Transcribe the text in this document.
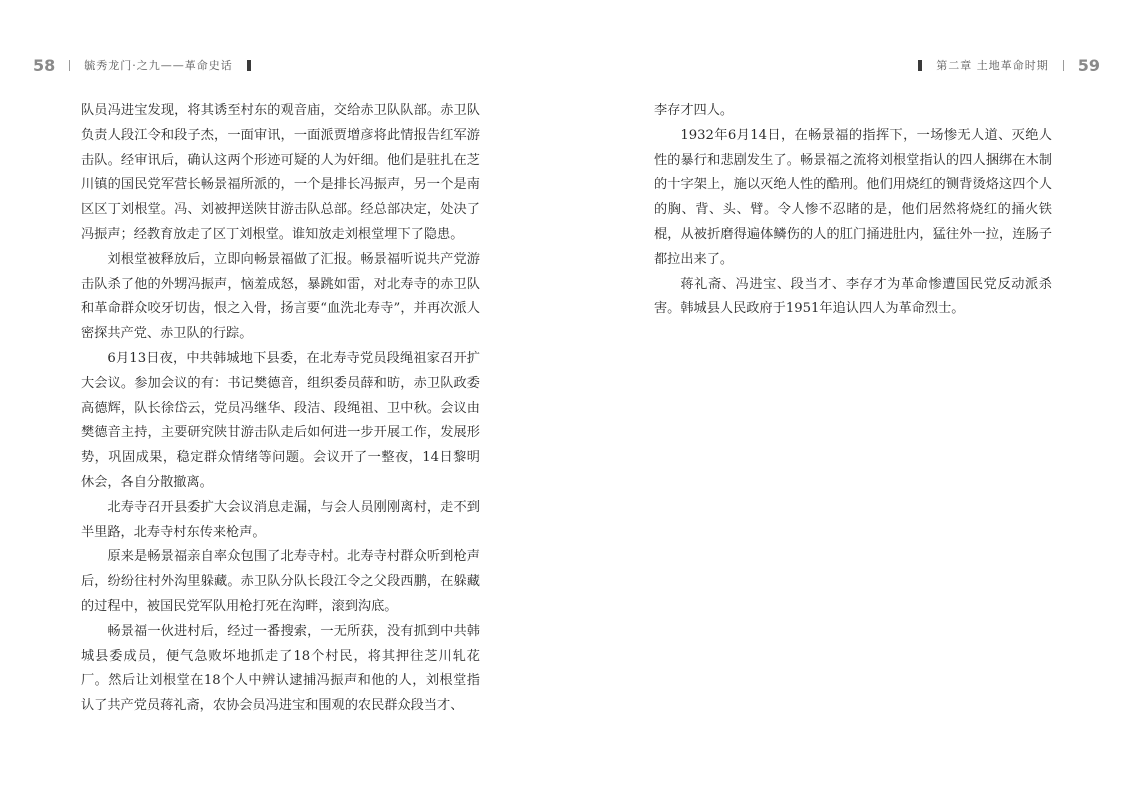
58	毓秀龙门·之九——革命史话

队员冯进宝发现，将其诱至村东的观音庙，交给赤卫队队部。赤卫队负责人段江令和段子杰，一面审讯，一面派贾增彦将此情报告红军游击队。经审讯后，确认这两个形迹可疑的人为奸细。他们是驻扎在芝川镇的国民党军营长畅景福所派的，一个是排长冯振声，另一个是南区区丁刘根堂。冯、刘被押送陕甘游击队总部。经总部决定，处决了冯振声；经教育放走了区丁刘根堂。谁知放走刘根堂埋下了隐患。

刘根堂被释放后，立即向畅景福做了汇报。畅景福听说共产党游击队杀了他的外甥冯振声，恼羞成怒，暴跳如雷，对北寿寺的赤卫队和革命群众咬牙切齿，恨之入骨，扬言要“血洗北寿寺”，并再次派人密探共产党、赤卫队的行踪。

6月13日夜，中共韩城地下县委，在北寿寺党员段绳祖家召开扩大会议。参加会议的有：书记樊德音，组织委员薛和昉，赤卫队政委高德辉，队长徐岱云，党员冯继华、段洁、段绳祖、卫中秋。会议由樊德音主持，主要研究陕甘游击队走后如何进一步开展工作，发展形势，巩固成果，稳定群众情绪等问题。会议开了一整夜，14日黎明休会，各自分散撤离。

北寿寺召开县委扩大会议消息走漏，与会人员刚刚离村，走不到半里路，北寿寺村东传来枪声。

原来是畅景福亲自率众包围了北寿寺村。北寿寺村群众听到枪声后，纷纷往村外沟里躲藏。赤卫队分队长段江令之父段西鹏，在躲藏的过程中，被国民党军队用枪打死在沟畔，滚到沟底。

畅景福一伙进村后，经过一番搜索，一无所获，没有抓到中共韩城县委成员，便气急败坏地抓走了18个村民，将其押往芝川轧花厂。然后让刘根堂在18个人中辨认逮捕冯振声和他的人，刘根堂指认了共产党员蒋礼斋，农协会员冯进宝和围观的农民群众段当才、

第二章 土地革命时期 59

李存才四人。

1932年6月14日，在畅景福的指挥下，一场惨无人道、灭绝人性的暴行和悲剧发生了。畅景福之流将刘根堂指认的四人捆绑在木制的十字架上，施以灭绝人性的酷刑。他们用烧红的铡背烫烙这四个人的胸、背、头、臂。令人惨不忍睹的是，他们居然将烧红的捅火铁棍，从被折磨得遍体鳞伤的人的肛门捅进肚内，猛往外一拉，连肠子都拉出来了。

蒋礼斋、冯进宝、段当才、李存才为革命惨遭国民党反动派杀害。韩城县人民政府于1951年追认四人为革命烈士。
